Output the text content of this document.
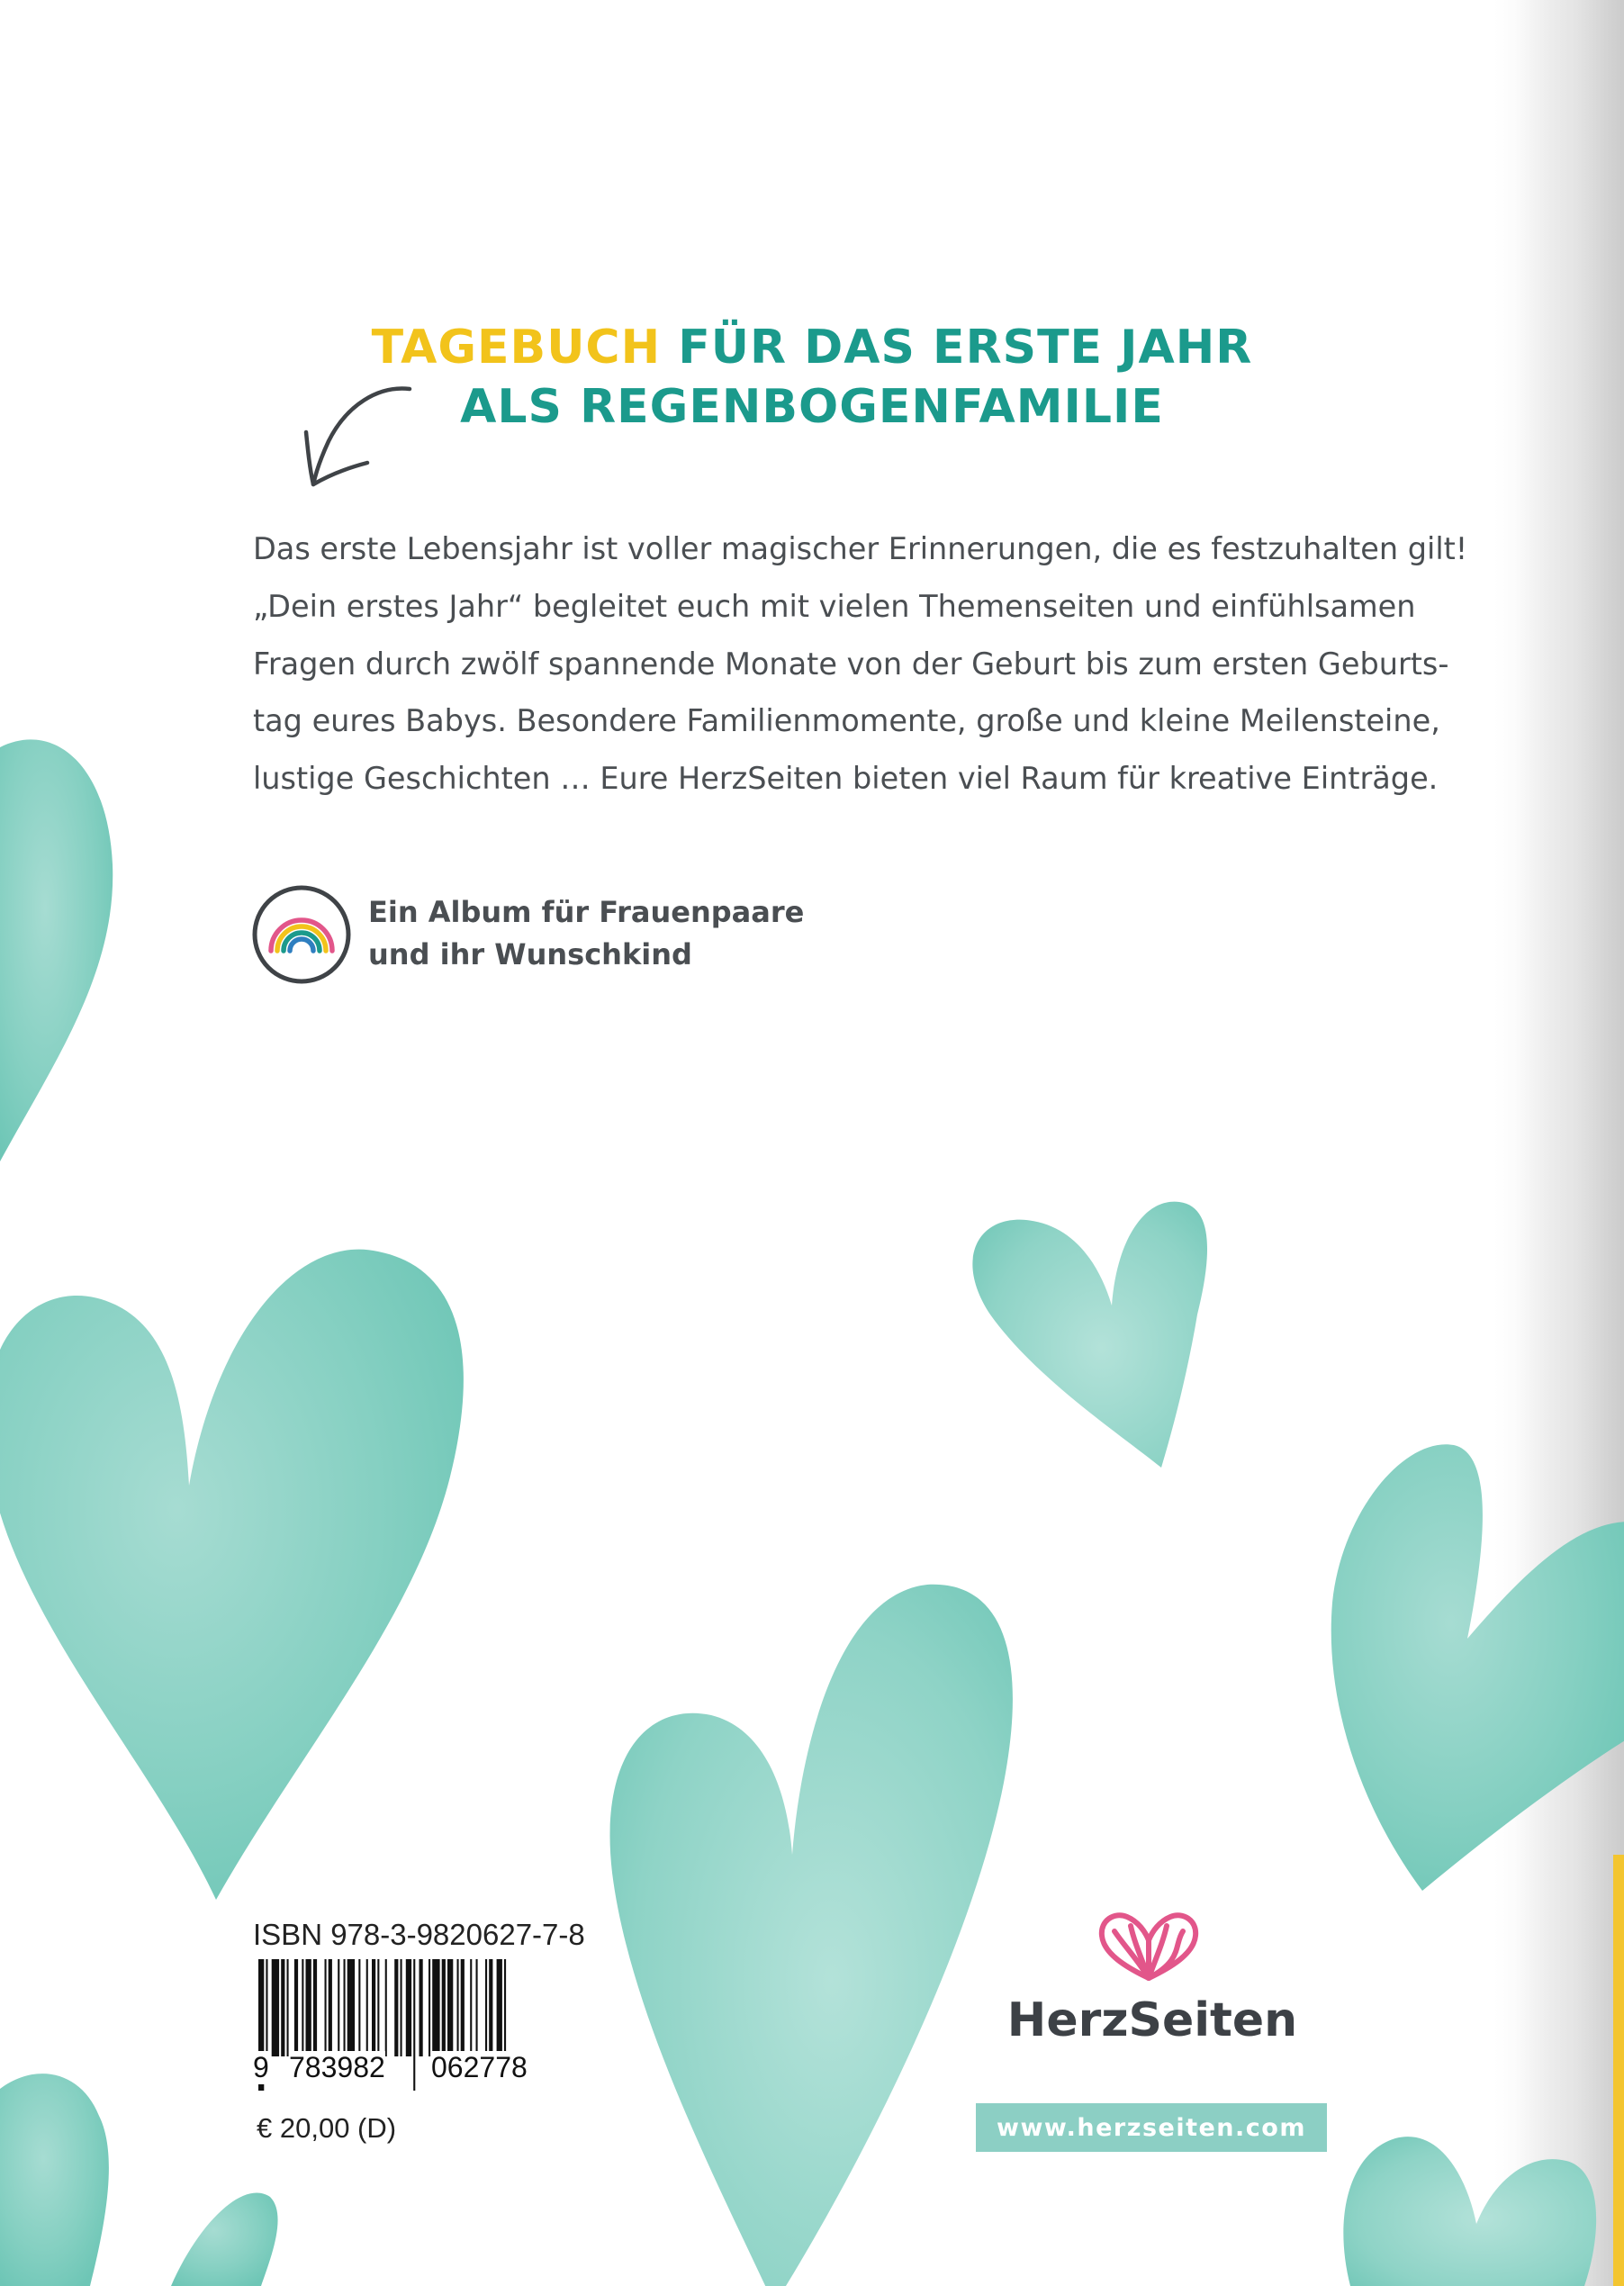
TAGEBUCH FÜR DAS ERSTE JAHR
ALS REGENBOGENFAMILIE
Das erste Lebensjahr ist voller magischer Erinnerungen, die es festzuhalten gilt!
„Dein erstes Jahr“ begleitet euch mit vielen Themenseiten und einfühlsamen
Fragen durch zwölf spannende Monate von der Geburt bis zum ersten Geburts-
tag eures Babys. Besondere Familienmomente, große und kleine Meilensteine,
lustige Geschichten … Eure HerzSeiten bieten viel Raum für kreative Einträge.
Ein Album für Frauenpaare
und ihr Wunschkind
ISBN 978-3-9820627-7-8
9 783982 062778
€ 20,00 (D)
HerzSeiten
www.herzseiten.com
